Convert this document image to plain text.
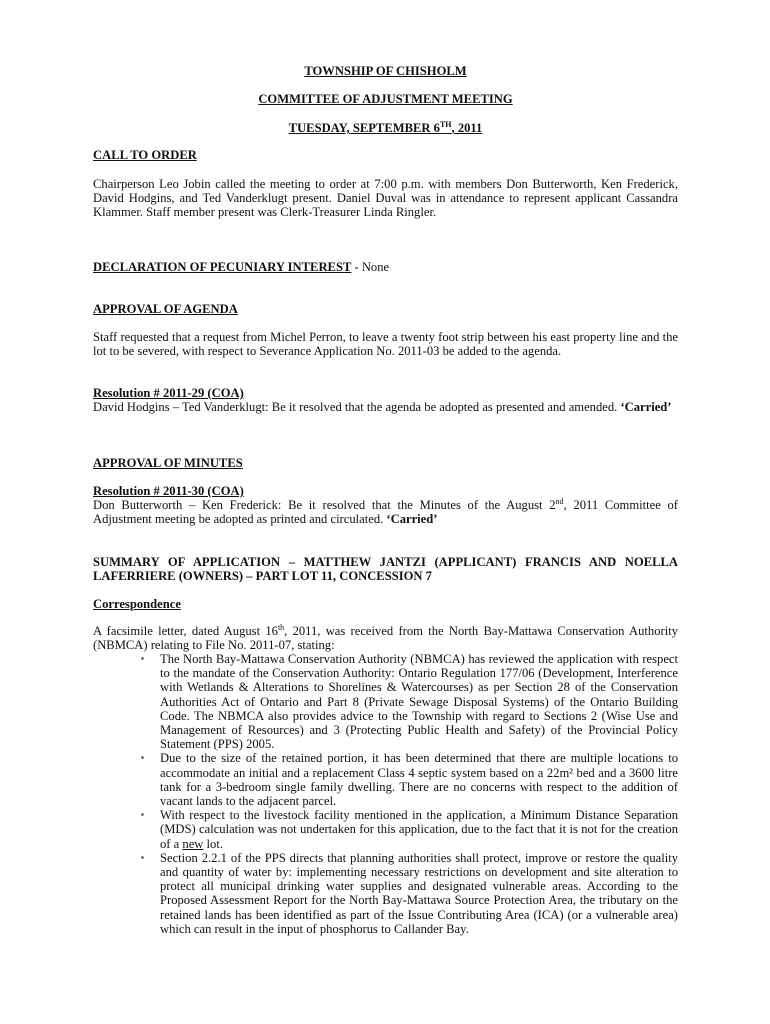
TOWNSHIP OF CHISHOLM

COMMITTEE OF ADJUSTMENT MEETING

TUESDAY, SEPTEMBER 6TH, 2011

CALL TO ORDER

Chairperson Leo Jobin called the meeting to order at 7:00 p.m. with members Don Butterworth, Ken Frederick, David Hodgins, and Ted Vanderklugt present. Daniel Duval was in attendance to represent applicant Cassandra Klammer. Staff member present was Clerk-Treasurer Linda Ringler.

DECLARATION OF PECUNIARY INTEREST - None

APPROVAL OF AGENDA

Staff requested that a request from Michel Perron, to leave a twenty foot strip between his east property line and the lot to be severed, with respect to Severance Application No. 2011-03 be added to the agenda.

Resolution # 2011-29 (COA)

David Hodgins – Ted Vanderklugt: Be it resolved that the agenda be adopted as presented and amended. ‘Carried’

APPROVAL OF MINUTES

Resolution # 2011-30 (COA)

Don Butterworth – Ken Frederick: Be it resolved that the Minutes of the August 2nd, 2011 Committee of Adjustment meeting be adopted as printed and circulated. ‘Carried’

SUMMARY OF APPLICATION – MATTHEW JANTZI (APPLICANT) FRANCIS AND NOELLA LAFERRIERE (OWNERS) – PART LOT 11, CONCESSION 7

Correspondence

A facsimile letter, dated August 16th, 2011, was received from the North Bay-Mattawa Conservation Authority (NBMCA) relating to File No. 2011-07, stating:

▪ The North Bay-Mattawa Conservation Authority (NBMCA) has reviewed the application with respect to the mandate of the Conservation Authority: Ontario Regulation 177/06 (Development, Interference with Wetlands & Alterations to Shorelines & Watercourses) as per Section 28 of the Conservation Authorities Act of Ontario and Part 8 (Private Sewage Disposal Systems) of the Ontario Building Code. The NBMCA also provides advice to the Township with regard to Sections 2 (Wise Use and Management of Resources) and 3 (Protecting Public Health and Safety) of the Provincial Policy Statement (PPS) 2005.
▪ Due to the size of the retained portion, it has been determined that there are multiple locations to accommodate an initial and a replacement Class 4 septic system based on a 22m² bed and a 3600 litre tank for a 3-bedroom single family dwelling. There are no concerns with respect to the addition of vacant lands to the adjacent parcel.
▪ With respect to the livestock facility mentioned in the application, a Minimum Distance Separation (MDS) calculation was not undertaken for this application, due to the fact that it is not for the creation of a new lot.
▪ Section 2.2.1 of the PPS directs that planning authorities shall protect, improve or restore the quality and quantity of water by: implementing necessary restrictions on development and site alteration to protect all municipal drinking water supplies and designated vulnerable areas. According to the Proposed Assessment Report for the North Bay-Mattawa Source Protection Area, the tributary on the retained lands has been identified as part of the Issue Contributing Area (ICA) (or a vulnerable area) which can result in the input of phosphorus to Callander Bay.
